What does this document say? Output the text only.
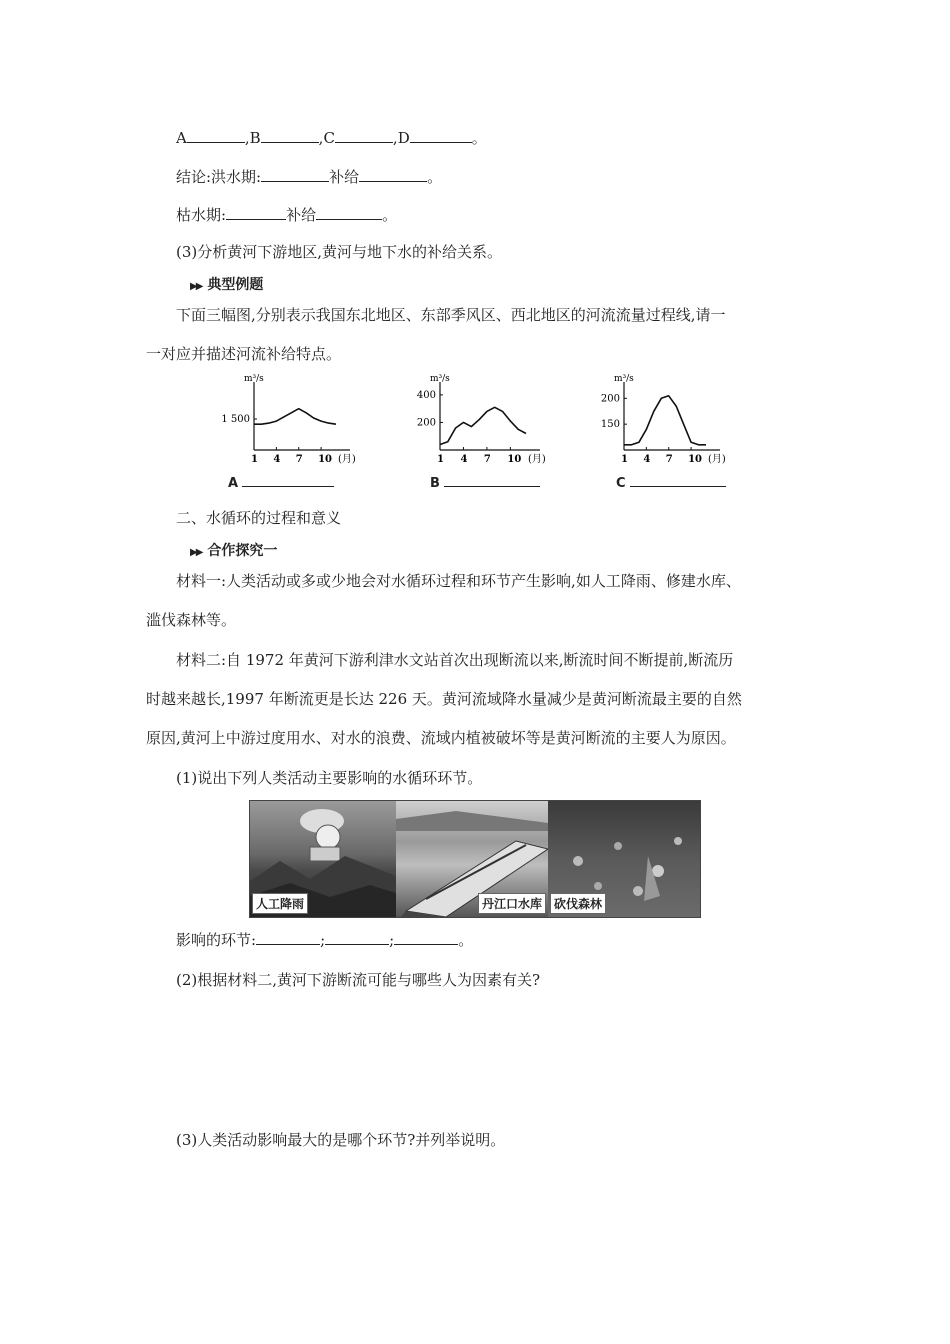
A	,B	,C	,D	。
结论:洪水期:	补给	。
枯水期:	补给	。
(3)分析黄河下游地区,黄河与地下水的补给关系。
▶▶ 典型例题
下面三幅图,分别表示我国东北地区、东部季风区、西北地区的河流流量过程线,请一
一对应并描述河流补给特点。
m³/s
(月)
1 4 7 10
1 500
A
m³/s
(月)
1 4 7 10
400
200
B
m³/s
(月)
1 4 7 10
200
150
C
二、水循环的过程和意义
▶▶ 合作探究一
材料一:人类活动或多或少地会对水循环过程和环节产生影响,如人工降雨、修建水库、
滥伐森林等。
材料二:自 1972 年黄河下游利津水文站首次出现断流以来,断流时间不断提前,断流历
时越来越长,1997 年断流更是长达 226 天。黄河流域降水量减少是黄河断流最主要的自然
原因,黄河上中游过度用水、对水的浪费、流域内植被破坏等是黄河断流的主要人为原因。
(1)说出下列人类活动主要影响的水循环环节。
人工降雨	丹江口水库	砍伐森林
影响的环节:	;	;	。
(2)根据材料二,黄河下游断流可能与哪些人为因素有关?
(3)人类活动影响最大的是哪个环节?并列举说明。
